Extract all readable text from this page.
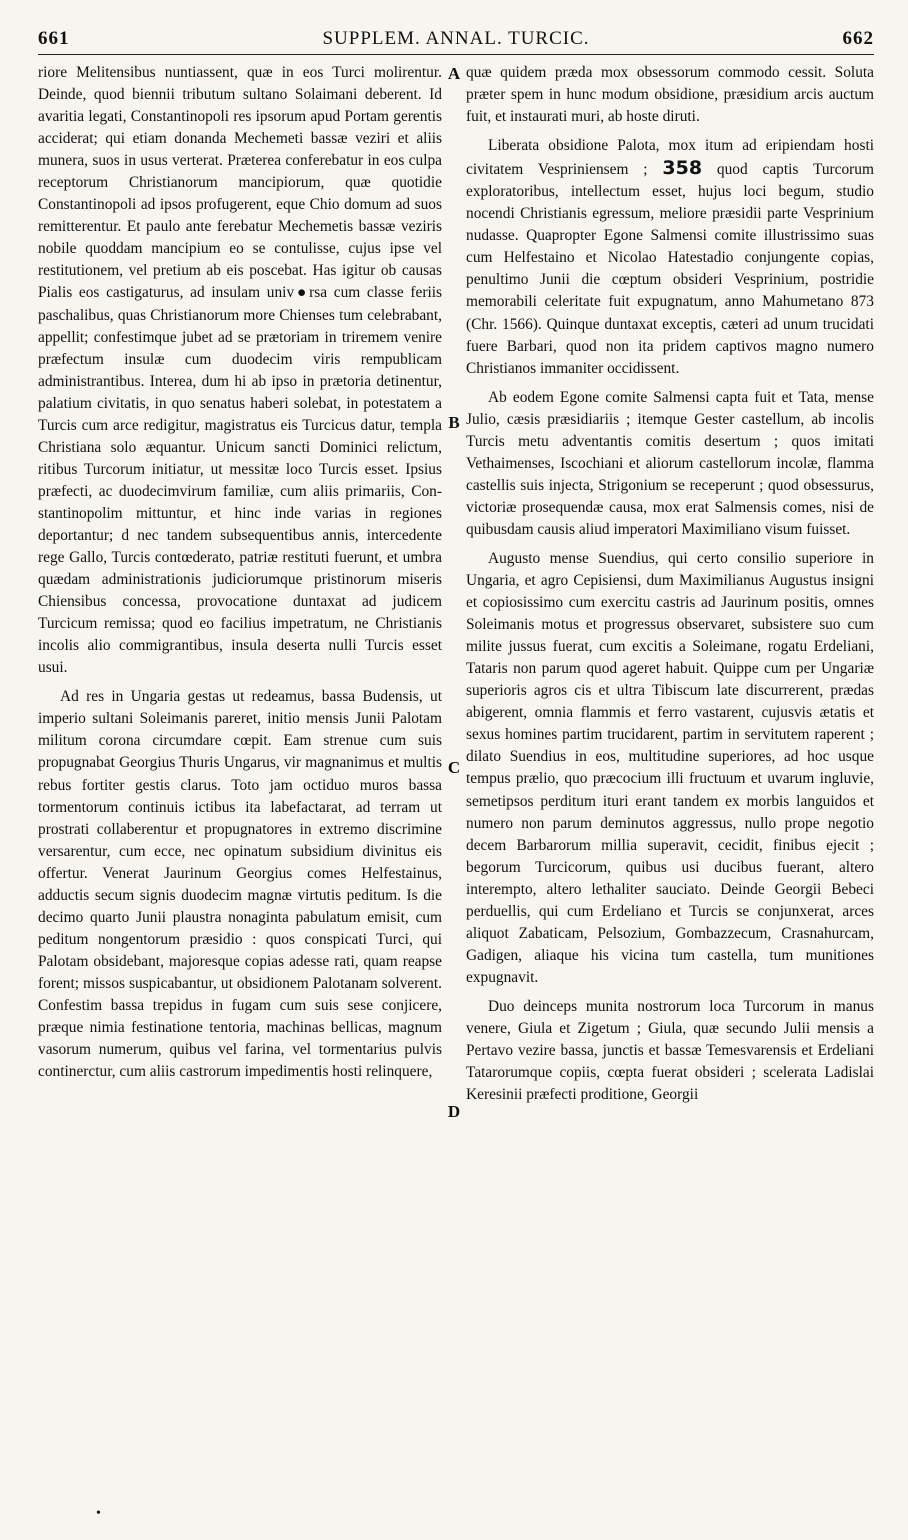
661	SUPPLEM. ANNAL. TURCIC.	662

riore Melitensibus nuntiassent, quæ in eos Turci molirentur. Deinde, quod biennii tributum sultano Solaimani deberent. Id avaritia legati, Constantinopoli res ipsorum apud Portam gerentis acciderat; qui etiam donanda Mechemeti bassæ veziri et aliis munera, suos in usus verterat. Præterea conferebatur in eos culpa receptorum Christianorum mancipiorum, quæ quotidie Constantinopoli ad ipsos profugerent, eque Chio domum ad suos remitterentur. Et paulo ante ferebatur Mechemetis bassæ veziris nobile quoddam mancipium eo se contulisse, cujus ipse vel restitutionem, vel pretium ab eis poscebat. Has igitur ob causas Pialis eos castigaturus, ad insulam univ●rsa cum classe feriis paschalibus, quas Christianorum more Chienses tum celebrabant, appellit; confestimque jubet ad se prætoriam in triremem venire præfectum insulæ cum duodecim viris rempublicam administrantibus. Interea, dum hi ab ipso in prætoria detinentur, palatium civitatis, in quo senatus haberi solebat, in potestatem a Turcis cum arce redigitur, magistratus eis Turcicus datur, templa Christiana solo æquantur. Unicum sancti Dominici relictum, ritibus Turcorum initiatur, ut messitæ loco Turcis esset. Ipsius præfecti, ac duodecimvirum familiæ, cum aliis primariis, Constantinopolim mittuntur, et hinc inde varias in regiones deportantur; d nec tandem subsequentibus annis, intercedente rege Gallo, Turcis contœderato, patriæ restituti fuerunt, et umbra quædam administrationis judiciorumque pristinorum miseris Chiensibus concessa, provocatione duntaxat ad judicem Turcicum remissa; quod eo facilius impetratum, ne Christianis incolis alio commigrantibus, insula deserta nulli Turcis esset usui.

Ad res in Ungaria gestas ut redeamus, bassa Budensis, ut imperio sultani Soleimanis pareret, initio mensis Junii Palotam militum corona circumdare cœpit. Eam strenue cum suis propugnabat Georgius Thuris Ungarus, vir magnanimus et multis rebus fortiter gestis clarus. Toto jam octiduo muros bassa tormentorum continuis ictibus ita labefactarat, ad terram ut prostrati collaberentur et propugnatores in extremo discrimine versarentur, cum ecce, nec opinatum subsidium divinitus eis offertur. Venerat Jaurinum Georgius comes Helfestainus, adductis secum signis duodecim magnæ virtutis peditum. Is die decimo quarto Junii plaustra nonaginta pabulatum emisit, cum peditum nongentorum præsidio : quos conspicati Turci, qui Palotam obsidebant, majoresque copias adesse rati, quam reapse forent; missos suspicabantur, ut obsidionem Palotanam solverent. Confestim bassa trepidus in fugam cum suis sese conjicere, præque nimia festinatione tentoria, machinas bellicas, magnum vasorum numerum, quibus vel farina, vel tormentarius pulvis continerctur, cum aliis castrorum impedimentis hosti relinquere,

A
B
C
D

quæ quidem præda mox obsessorum commodo cessit. Soluta præter spem in hunc modum obsidione, præsidium arcis auctum fuit, et instaurati muri, ab hoste diruti.

Liberata obsidione Palota, mox itum ad eripiendam hosti civitatem Vespriniensem ; 358 quod captis Turcorum exploratoribus, intellectum esset, hujus loci begum, studio nocendi Christianis egressum, meliore præsidii parte Vesprinium nudasse. Quapropter Egone Salmensi comite illustrissimo suas cum Helfestaino et Nicolao Hatestadio conjungente copias, penultimo Junii die cœptum obsideri Vesprinium, postridie memorabili celeritate fuit expugnatum, anno Mahumetano 873 (Chr. 1566). Quinque duntaxat exceptis, cæteri ad unum trucidati fuere Barbari, quod non ita pridem captivos magno numero Christianos immaniter occidissent.

Ab eodem Egone comite Salmensi capta fuit et Tata, mense Julio, cæsis præsidiariis ; itemque Gester castellum, ab incolis Turcis metu adventantis comitis desertum ; quos imitati Vethaimenses, Iscochiani et aliorum castellorum incolæ, flamma castellis suis injecta, Strigonium se receperunt ; quod obsessurus, victoriæ prosequendæ causa, mox erat Salmensis comes, nisi de quibusdam causis aliud imperatori Maximiliano visum fuisset.

Augusto mense Suendius, qui certo consilio superiore in Ungaria, et agro Cepisiensi, dum Maximilianus Augustus insigni et copiosissimo cum exercitu castris ad Jaurinum positis, omnes Soleimanis motus et progressus observaret, subsistere suo cum milite jussus fuerat, cum excitis a Soleimane, rogatu Erdeliani, Tataris non parum quod ageret habuit. Quippe cum per Ungariæ superioris agros cis et ultra Tibiscum late discurrerent, prædas abigerent, omnia flammis et ferro vastarent, cujusvis ætatis et sexus homines partim trucidarent, partim in servitutem raperent ; dilato Suendius in eos, multitudine superiores, ad hoc usque tempus prælio, quo præcocium illi fructuum et uvarum ingluvie, semetipsos perditum ituri erant tandem ex morbis languidos et numero non parum deminutos aggressus, nullo prope negotio decem Barbarorum millia superavit, cecidit, finibus ejecit ; begorum Turcicorum, quibus usi ducibus fuerant, altero interempto, altero lethaliter sauciato. Deinde Georgii Bebeci perduellis, qui cum Erdeliano et Turcis se conjunxerat, arces aliquot Zabaticam, Pelsozium, Gombazzecum, Crasnahurcam, Gadigen, aliaque his vicina tum castella, tum munitiones expugnavit.

Duo deinceps munita nostrorum loca Turcorum in manus venere, Giula et Zigetum ; Giula, quæ secundo Julii mensis a Pertavo vezire bassa, junctis et bassæ Temesvarensis et Erdeliani Tatarorumque copiis, cœpta fuerat obsideri ; scelerata Ladislai Keresinii præfecti proditione, Georgii

•
